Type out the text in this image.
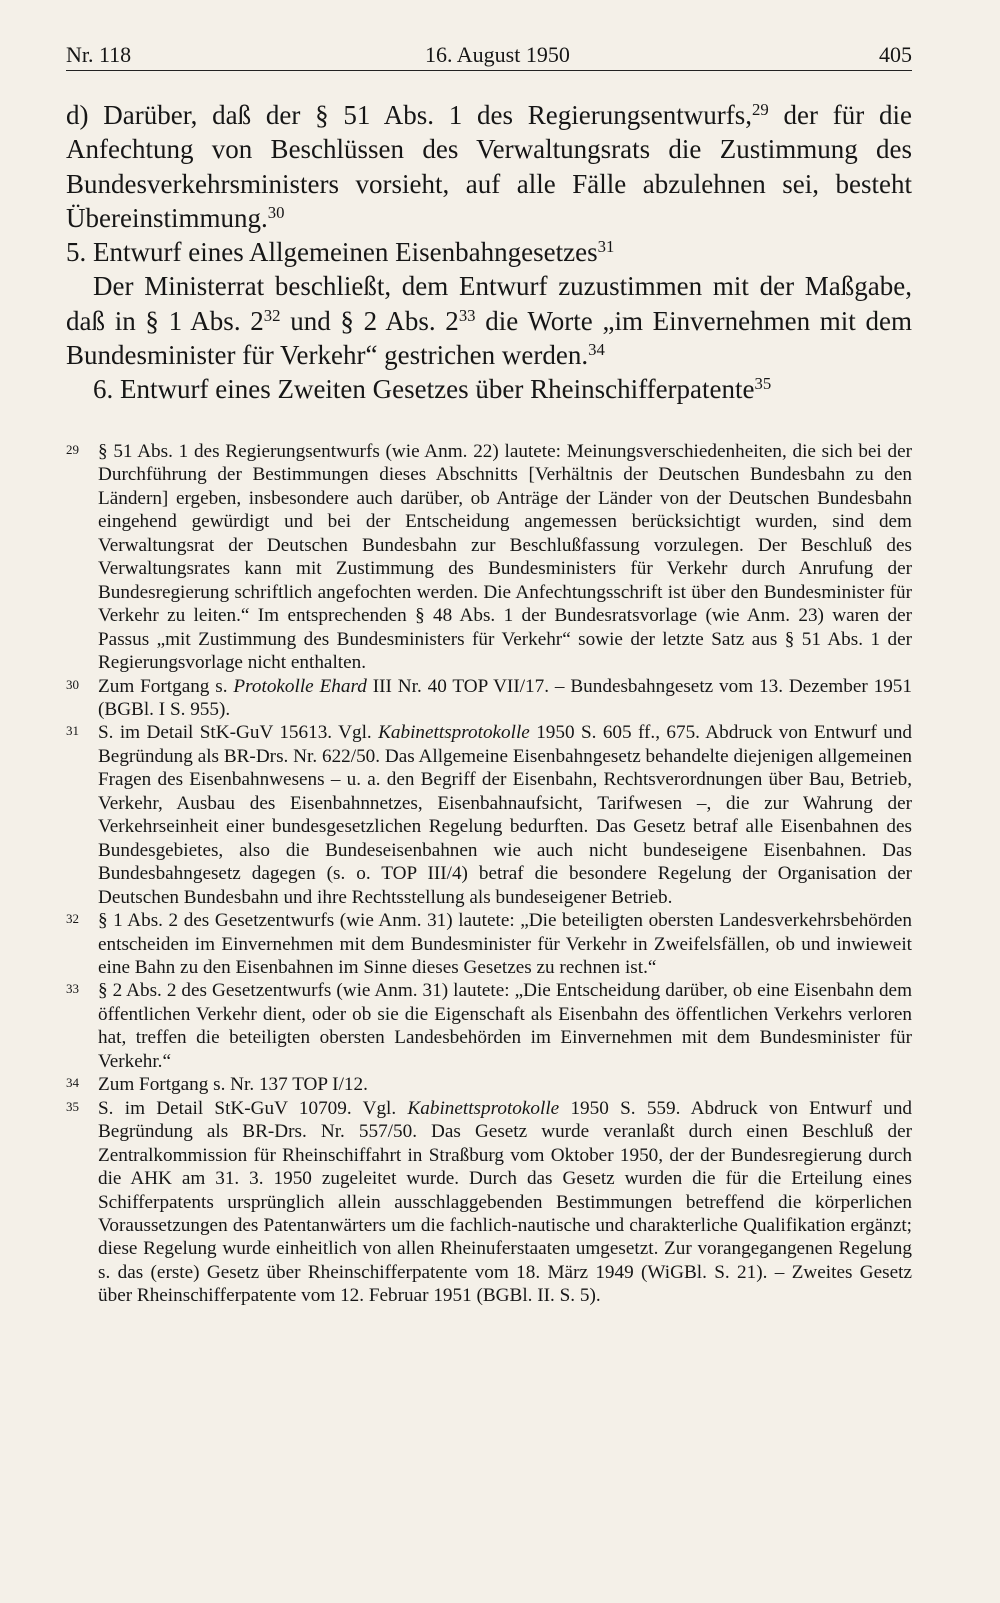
Nr. 118	16. August 1950	405

d) Darüber, daß der § 51 Abs. 1 des Regierungsentwurfs,$^{29}$ der für die Anfechtung von Beschlüssen des Verwaltungsrats die Zustimmung des Bundesverkehrsministers vorsieht, auf alle Fälle abzulehnen sei, besteht Übereinstimmung.$^{30}$

5. Entwurf eines Allgemeinen Eisenbahngesetzes$^{31}$

Der Ministerrat beschließt, dem Entwurf zuzustimmen mit der Maßgabe, daß in § 1 Abs. $2^{32}$ und § 2 Abs. $2^{33}$ die Worte „im Einvernehmen mit dem Bundesminister für Verkehr“ gestrichen werden.$^{34}$

6. Entwurf eines Zweiten Gesetzes über Rheinschifferpatente$^{35}$

29 § 51 Abs. 1 des Regierungsentwurfs (wie Anm. 22) lautete: Meinungsverschiedenheiten, die sich bei der Durchführung der Bestimmungen dieses Abschnitts [Verhältnis der Deutschen Bundesbahn zu den Ländern] ergeben, insbesondere auch darüber, ob Anträge der Länder von der Deutschen Bundesbahn eingehend gewürdigt und bei der Entscheidung angemessen berücksichtigt wurden, sind dem Verwaltungsrat der Deutschen Bundesbahn zur Beschlußfassung vorzulegen. Der Beschluß des Verwaltungsrates kann mit Zustimmung des Bundesministers für Verkehr durch Anrufung der Bundesregierung schriftlich angefochten werden. Die Anfechtungsschrift ist über den Bundesminister für Verkehr zu leiten.“ Im entsprechenden § 48 Abs. 1 der Bundesratsvorlage (wie Anm. 23) waren der Passus „mit Zustimmung des Bundesministers für Verkehr“ sowie der letzte Satz aus § 51 Abs. 1 der Regierungsvorlage nicht enthalten.

30 Zum Fortgang s. Protokolle Ehard III Nr. 40 TOP VII/17. – Bundesbahngesetz vom 13. Dezember 1951 (BGBl. I S. 955).

31 S. im Detail StK-GuV 15613. Vgl. Kabinettsprotokolle 1950 S. 605 ff., 675. Abdruck von Entwurf und Begründung als BR-Drs. Nr. 622/50. Das Allgemeine Eisenbahngesetz behandelte diejenigen allgemeinen Fragen des Eisenbahnwesens – u. a. den Begriff der Eisenbahn, Rechtsverordnungen über Bau, Betrieb, Verkehr, Ausbau des Eisenbahnnetzes, Eisenbahnaufsicht, Tarifwesen –, die zur Wahrung der Verkehrseinheit einer bundesgesetzlichen Regelung bedurften. Das Gesetz betraf alle Eisenbahnen des Bundesgebietes, also die Bundeseisenbahnen wie auch nicht bundeseigene Eisenbahnen. Das Bundesbahngesetz dagegen (s. o. TOP III/4) betraf die besondere Regelung der Organisation der Deutschen Bundesbahn und ihre Rechtsstellung als bundeseigener Betrieb.

32 § 1 Abs. 2 des Gesetzentwurfs (wie Anm. 31) lautete: „Die beteiligten obersten Landesverkehrsbehörden entscheiden im Einvernehmen mit dem Bundesminister für Verkehr in Zweifelsfällen, ob und inwieweit eine Bahn zu den Eisenbahnen im Sinne dieses Gesetzes zu rechnen ist.“

33 § 2 Abs. 2 des Gesetzentwurfs (wie Anm. 31) lautete: „Die Entscheidung darüber, ob eine Eisenbahn dem öffentlichen Verkehr dient, oder ob sie die Eigenschaft als Eisenbahn des öffentlichen Verkehrs verloren hat, treffen die beteiligten obersten Landesbehörden im Einvernehmen mit dem Bundesminister für Verkehr.“

34 Zum Fortgang s. Nr. 137 TOP I/12.

35 S. im Detail StK-GuV 10709. Vgl. Kabinettsprotokolle 1950 S. 559. Abdruck von Entwurf und Begründung als BR-Drs. Nr. 557/50. Das Gesetz wurde veranlaßt durch einen Beschluß der Zentralkommission für Rheinschiffahrt in Straßburg vom Oktober 1950, der der Bundesregierung durch die AHK am 31. 3. 1950 zugeleitet wurde. Durch das Gesetz wurden die für die Erteilung eines Schifferpatents ursprünglich allein ausschlaggebenden Bestimmungen betreffend die körperlichen Voraussetzungen des Patentanwärters um die fachlich-nautische und charakterliche Qualifikation ergänzt; diese Regelung wurde einheitlich von allen Rheinuferstaaten umgesetzt. Zur vorangegangenen Regelung s. das (erste) Gesetz über Rheinschifferpatente vom 18. März 1949 (WiGBl. S. 21). – Zweites Gesetz über Rheinschifferpatente vom 12. Februar 1951 (BGBl. II. S. 5).
